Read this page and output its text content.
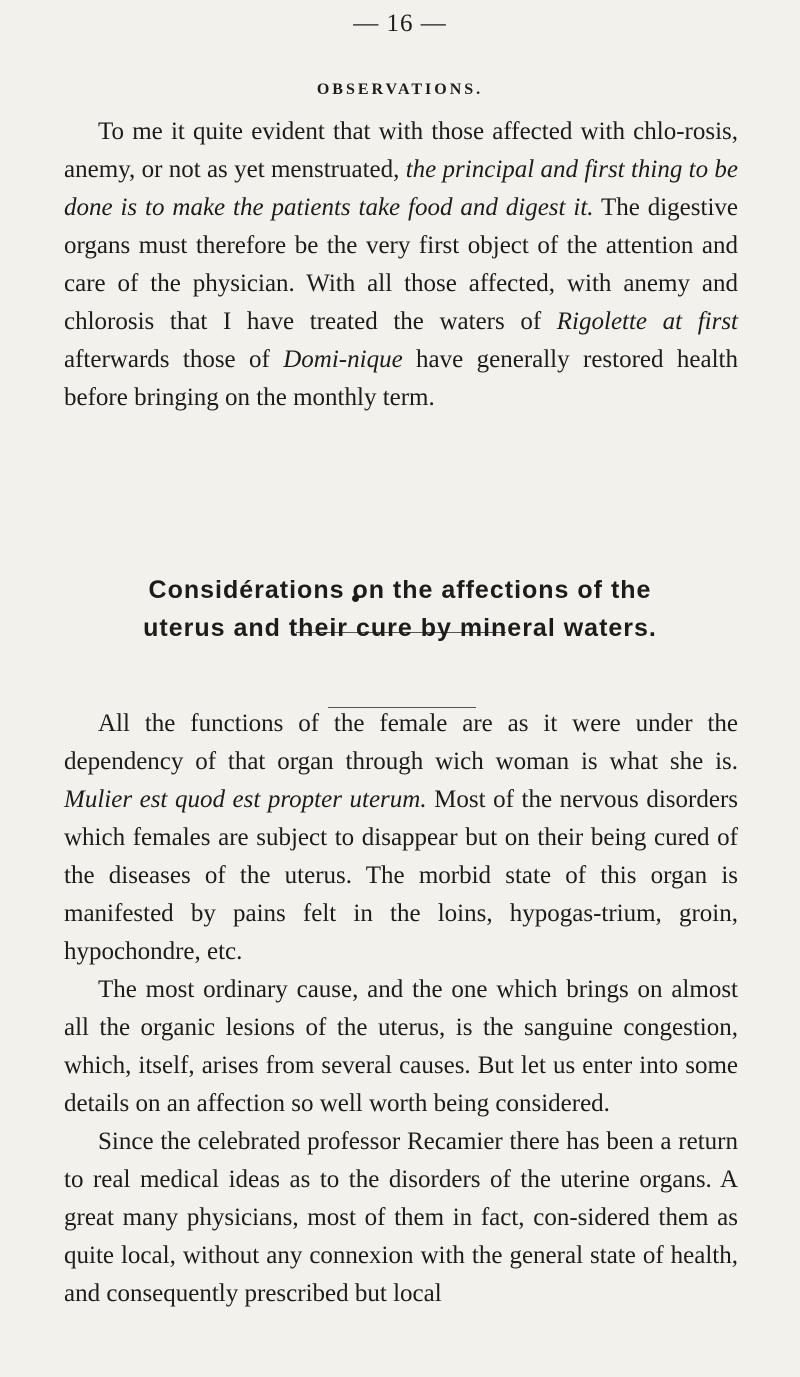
— 16 —
OBSERVATIONS.

To me it quite evident that with those affected with chlo-rosis, anemy, or not as yet menstruated, the principal and first thing to be done is to make the patients take food and digest it. The digestive organs must therefore be the very first object of the attention and care of the physician. With all those affected, with anemy and chlorosis that I have treated the waters of Rigolette at first afterwards those of Domi-nique have generally restored health before bringing on the monthly term.

Considérations on the affections of the
uterus and their cure by mineral waters.

All the functions of the female are as it were under the dependency of that organ through wich woman is what she is. Mulier est quod est propter uterum. Most of the nervous disorders which females are subject to disappear but on their being cured of the diseases of the uterus. The morbid state of this organ is manifested by pains felt in the loins, hypogas-trium, groin, hypochondre, etc.

The most ordinary cause, and the one which brings on almost all the organic lesions of the uterus, is the sanguine congestion, which, itself, arises from several causes. But let us enter into some details on an affection so well worth being considered.

Since the celebrated professor Recamier there has been a return to real medical ideas as to the disorders of the uterine organs. A great many physicians, most of them in fact, con-sidered them as quite local, without any connexion with the general state of health, and consequently prescribed but local
